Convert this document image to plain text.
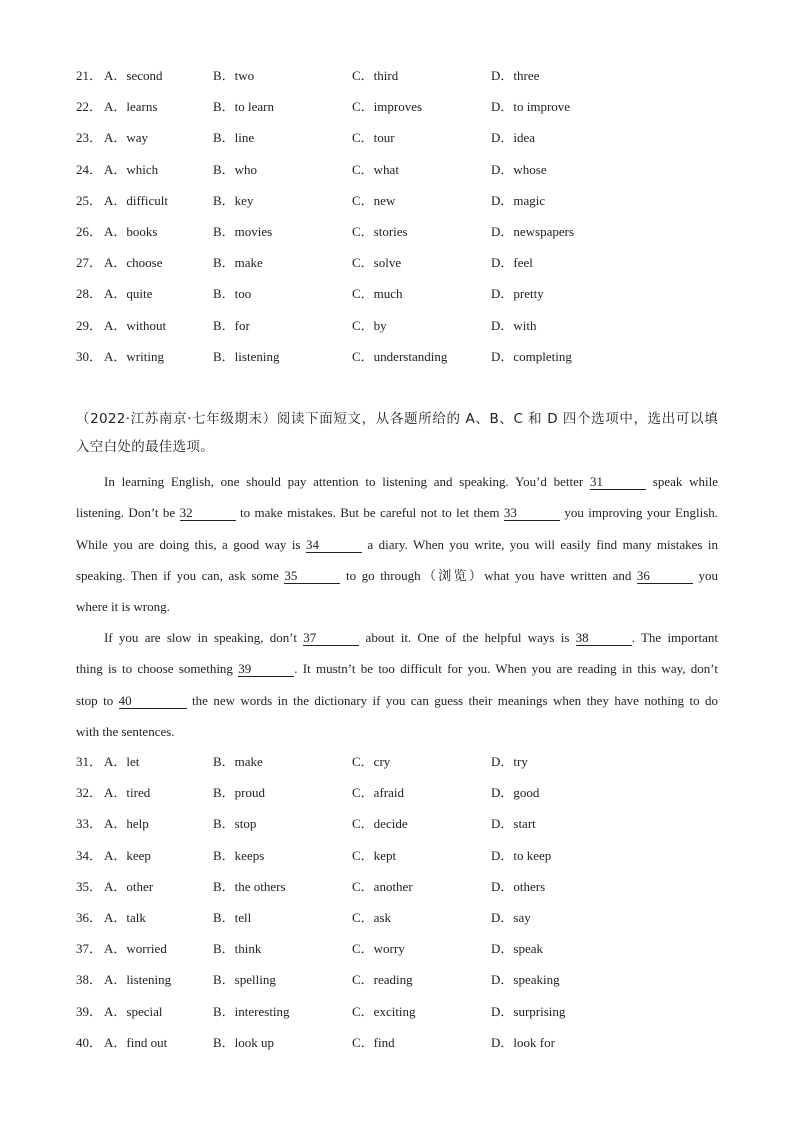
21． A．second	B．two	C．third	D．three
22． A．learns	B．to learn	C．improves	D．to improve
23． A．way	B．line	C．tour	D．idea
24． A．which	B．who	C．what	D．whose
25． A．difficult	B．key	C．new	D．magic
26． A．books	B．movies	C．stories	D．newspapers
27． A．choose	B．make	C．solve	D．feel
28． A．quite	B．too	C．much	D．pretty
29． A．without	B．for	C．by	D．with
30． A．writing	B．listening	C．understanding	D．completing
（2022·江苏南京·七年级期末）阅读下面短文，从各题所给的 A、B、C 和 D 四个选项中，选出可以填
入空白处的最佳选项。
In learning English, one should pay attention to listening and speaking. You’d better 31	speak while
listening. Don’t be 32	to make mistakes. But be careful not to let them 33	you improving your English.
While you are doing this, a good way is 34	a diary. When you write, you will easily find many mistakes in
speaking. Then if you can, ask some 35	to go through（浏览）what you have written and 36	you
where it is wrong.
If you are slow in speaking, don’t 37	about it. One of the helpful ways is 38	. The important
thing is to choose something 39	. It mustn’t be too difficult for you. When you are reading in this way, don’t
stop to 40	the new words in the dictionary if you can guess their meanings when they have nothing to do
with the sentences.
31． A．let	B．make	C．cry	D．try
32． A．tired	B．proud	C．afraid	D．good
33． A．help	B．stop	C．decide	D．start
34． A．keep	B．keeps	C．kept	D．to keep
35． A．other	B．the others	C．another	D．others
36． A．talk	B．tell	C．ask	D．say
37． A．worried	B．think	C．worry	D．speak
38． A．listening	B．spelling	C．reading	D．speaking
39． A．special	B．interesting	C．exciting	D．surprising
40． A．find out	B．look up	C．find	D．look for
